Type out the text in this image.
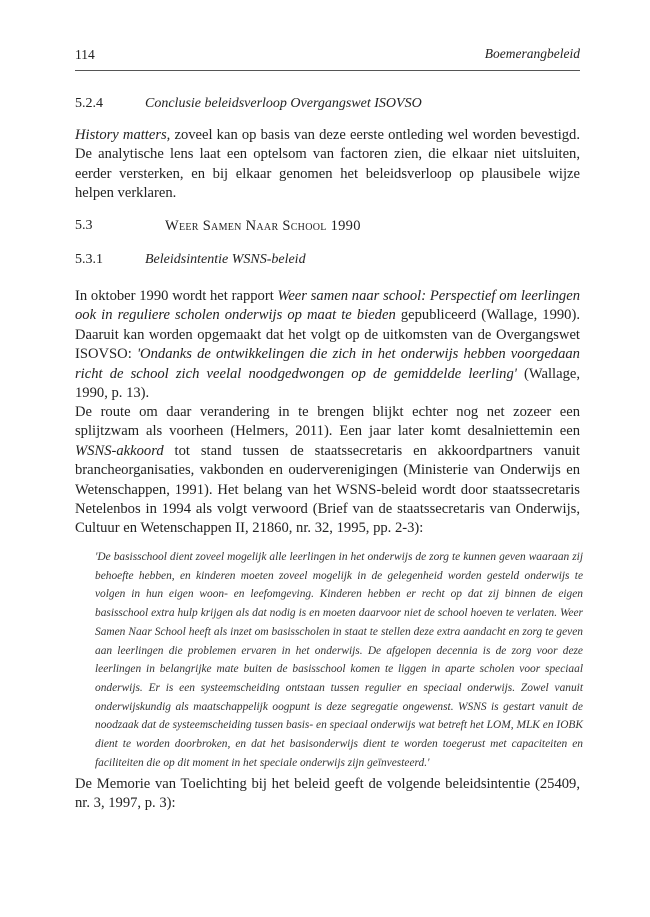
114	Boemerangbeleid
5.2.4	Conclusie beleidsverloop Overgangswet ISOVSO

History matters, zoveel kan op basis van deze eerste ontleding wel worden bevestigd. De analytische lens laat een optelsom van factoren zien, die elkaar niet uitsluiten, eerder versterken, en bij elkaar genomen het beleidsverloop op plausibele wijze helpen verklaren.

5.3	Weer Samen Naar School 1990
5.3.1	Beleidsintentie WSNS-beleid

In oktober 1990 wordt het rapport Weer samen naar school: Perspectief om leerlingen ook in reguliere scholen onderwijs op maat te bieden gepubliceerd (Wallage, 1990). Daaruit kan worden opgemaakt dat het volgt op de uitkomsten van de Overgangswet ISOVSO: 'Ondanks de ontwikkelingen die zich in het onderwijs hebben voorgedaan richt de school zich veelal noodgedwongen op de gemiddelde leerling' (Wallage, 1990, p. 13).

De route om daar verandering in te brengen blijkt echter nog net zozeer een splijtzwam als voorheen (Helmers, 2011). Een jaar later komt desalniettemin een WSNS-akkoord tot stand tussen de staatssecretaris en akkoordpartners vanuit brancheorganisaties, vakbonden en ouderverenigingen (Ministerie van Onderwijs en Wetenschappen, 1991). Het belang van het WSNS-beleid wordt door staatssecretaris Netelenbos in 1994 als volgt verwoord (Brief van de staatssecretaris van Onderwijs, Cultuur en Wetenschappen II, 21860, nr. 32, 1995, pp. 2-3):

'De basisschool dient zoveel mogelijk alle leerlingen in het onderwijs de zorg te kunnen geven waaraan zij behoefte hebben, en kinderen moeten zoveel mogelijk in de gelegenheid worden gesteld onderwijs te volgen in hun eigen woon- en leefomgeving. Kinderen hebben er recht op dat zij binnen de eigen basisschool extra hulp krijgen als dat nodig is en moeten daarvoor niet de school hoeven te verlaten. Weer Samen Naar School heeft als inzet om basisscholen in staat te stellen deze extra aandacht en zorg te geven aan leerlingen die problemen ervaren in het onderwijs. De afgelopen decennia is de zorg voor deze leerlingen in belangrijke mate buiten de basisschool komen te liggen in aparte scholen voor speciaal onderwijs. Er is een systeemscheiding ontstaan tussen regulier en speciaal onderwijs. Zowel vanuit onderwijskundig als maatschappelijk oogpunt is deze segregatie ongewenst. WSNS is gestart vanuit de noodzaak dat de systeemscheiding tussen basis- en speciaal onderwijs wat betreft het LOM, MLK en IOBK dient te worden doorbroken, en dat het basisonderwijs dient te worden toegerust met capaciteiten en faciliteiten die op dit moment in het speciale onderwijs zijn geïnvesteerd.'

De Memorie van Toelichting bij het beleid geeft de volgende beleidsintentie (25409, nr. 3, 1997, p. 3):
